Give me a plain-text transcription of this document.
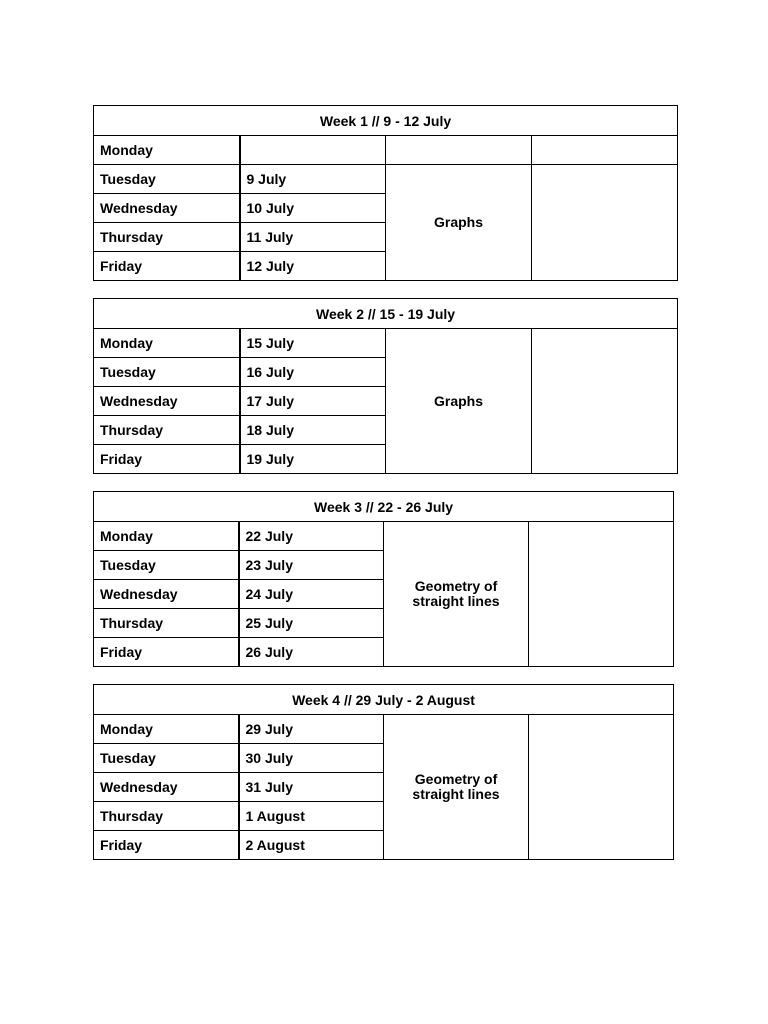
Week 1 // 9 - 12 July			
Monday			
Tuesday	9 July	Graphs	
Wednesday	10 July		
Thursday	11 July		
Friday	12 July		
Week 2 // 15 - 19 July			
Monday	15 July	Graphs	
Tuesday	16 July		
Wednesday	17 July		
Thursday	18 July		
Friday	19 July		
Week 3 // 22 - 26 July			
Monday	22 July	Geometry of straight lines	
Tuesday	23 July		
Wednesday	24 July		
Thursday	25 July		
Friday	26 July		
Week 4 // 29 July - 2 August			
Monday	29 July	Geometry of straight lines	
Tuesday	30 July		
Wednesday	31 July		
Thursday	1 August		
Friday	2 August		
